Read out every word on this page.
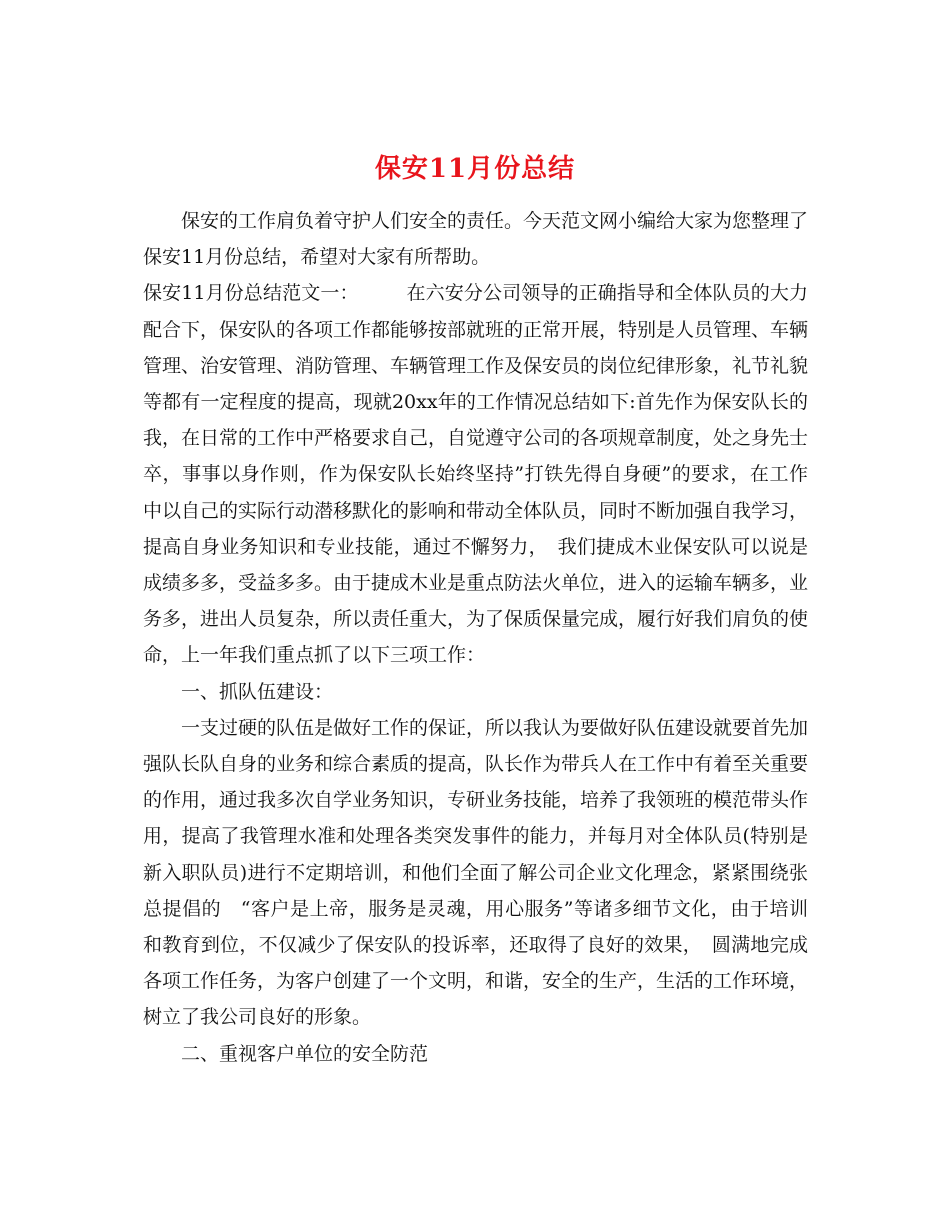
保安11月份总结

保安的工作肩负着守护人们安全的责任。今天范文网小编给大家为您整理了保安11月份总结，希望对大家有所帮助。

保安11月份总结范文一：　　　在六安分公司领导的正确指导和全体队员的大力配合下，保安队的各项工作都能够按部就班的正常开展，特别是人员管理、车辆管理、治安管理、消防管理、车辆管理工作及保安员的岗位纪律形象，礼节礼貌等都有一定程度的提高，现就20xx年的工作情况总结如下:首先作为保安队长的我，在日常的工作中严格要求自己，自觉遵守公司的各项规章制度，处之身先士卒，事事以身作则，作为保安队长始终坚持”打铁先得自身硬”的要求，在工作中以自己的实际行动潜移默化的影响和带动全体队员，同时不断加强自我学习，提高自身业务知识和专业技能，通过不懈努力，　我们捷成木业保安队可以说是成绩多多，受益多多。由于捷成木业是重点防法火单位，进入的运输车辆多，业务多，进出人员复杂，所以责任重大，为了保质保量完成，履行好我们肩负的使命，上一年我们重点抓了以下三项工作：

一、抓队伍建设：

一支过硬的队伍是做好工作的保证，所以我认为要做好队伍建设就要首先加强队长队自身的业务和综合素质的提高，队长作为带兵人在工作中有着至关重要的作用，通过我多次自学业务知识，专研业务技能，培养了我领班的模范带头作用，提高了我管理水准和处理各类突发事件的能力，并每月对全体队员(特别是新入职队员)进行不定期培训，和他们全面了解公司企业文化理念，紧紧围绕张总提倡的　“客户是上帝，服务是灵魂，用心服务”等诸多细节文化，由于培训和教育到位，不仅减少了保安队的投诉率，还取得了良好的效果，　圆满地完成各项工作任务，为客户创建了一个文明，和谐，安全的生产，生活的工作环境，树立了我公司良好的形象。

二、重视客户单位的安全防范
